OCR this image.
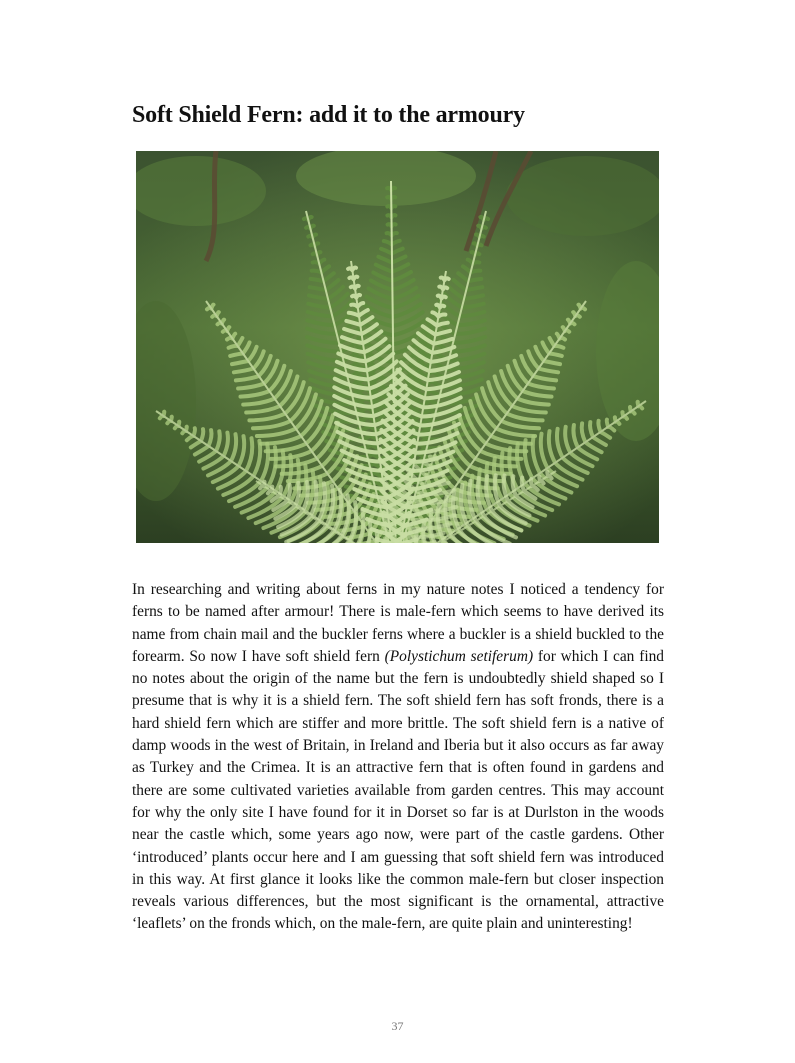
Soft Shield Fern: add it to the armoury

In researching and writing about ferns in my nature notes I noticed a tendency for ferns to be named after armour! There is male-fern which seems to have derived its name from chain mail and the buckler ferns where a buckler is a shield buckled to the forearm. So now I have soft shield fern (Polystichum setiferum) for which I can find no notes about the origin of the name but the fern is undoubtedly shield shaped so I presume that is why it is a shield fern. The soft shield fern has soft fronds, there is a hard shield fern which are stiffer and more brittle. The soft shield fern is a native of damp woods in the west of Britain, in Ireland and Iberia but it also occurs as far away as Turkey and the Crimea. It is an attractive fern that is often found in gardens and there are some cultivated varieties available from garden centres. This may account for why the only site I have found for it in Dorset so far is at Durlston in the woods near the castle which, some years ago now, were part of the castle gardens. Other ‘introduced’ plants occur here and I am guessing that soft shield fern was introduced in this way. At first glance it looks like the common male-fern but closer inspection reveals various differences, but the most significant is the ornamental, attractive ‘leaflets’ on the fronds which, on the male-fern, are quite plain and uninteresting!

37
